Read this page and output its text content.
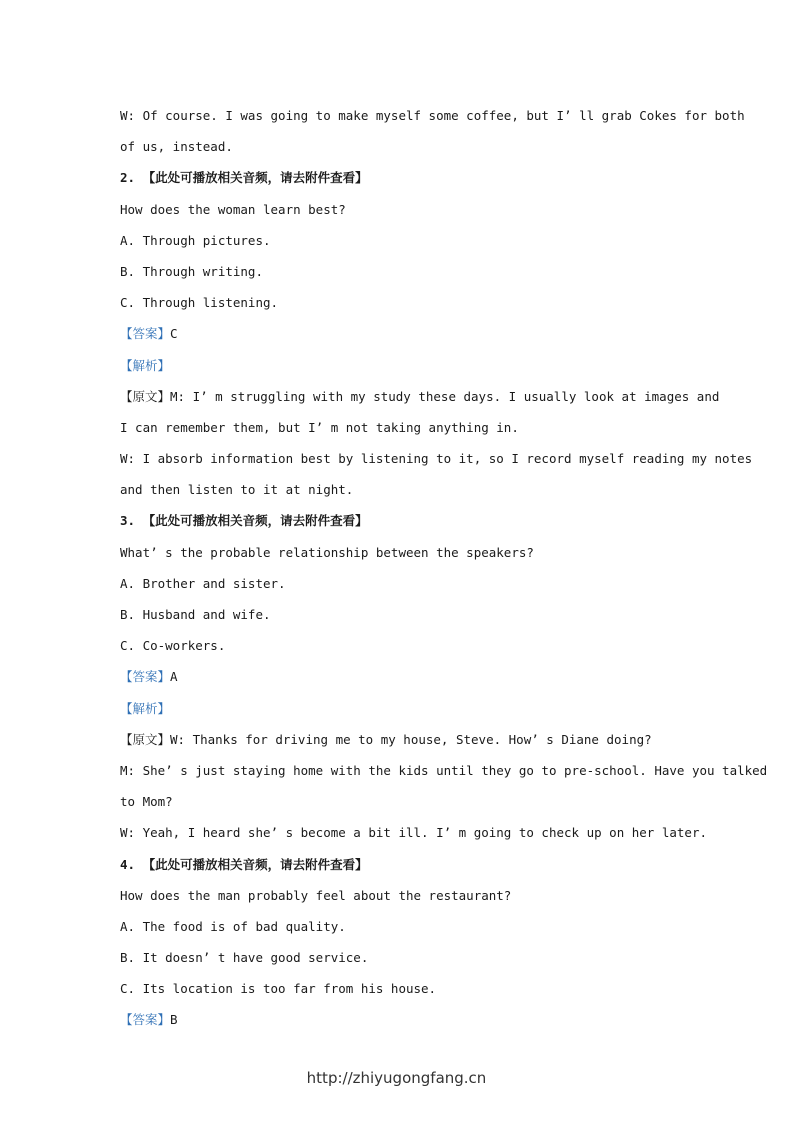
W: Of course. I was going to make myself some coffee, but I’ ll grab Cokes for both
of us, instead.
2. 【此处可播放相关音频，请去附件查看】
How does the woman learn best?
A. Through pictures.
B. Through writing.
C. Through listening.
【答案】C
【解析】
【原文】M: I’ m struggling with my study these days. I usually look at images and
I can remember them, but I’ m not taking anything in.
W: I absorb information best by listening to it, so I record myself reading my notes
and then listen to it at night.
3. 【此处可播放相关音频，请去附件查看】
What’ s the probable relationship between the speakers?
A. Brother and sister.
B. Husband and wife.
C. Co-workers.
【答案】A
【解析】
【原文】W: Thanks for driving me to my house, Steve. How’ s Diane doing?
M: She’ s just staying home with the kids until they go to pre-school. Have you talked
to Mom?
W: Yeah, I heard she’ s become a bit ill. I’ m going to check up on her later.
4. 【此处可播放相关音频，请去附件查看】
How does the man probably feel about the restaurant?
A. The food is of bad quality.
B. It doesn’ t have good service.
C. Its location is too far from his house.
【答案】B
http://zhiyugongfang.cn
